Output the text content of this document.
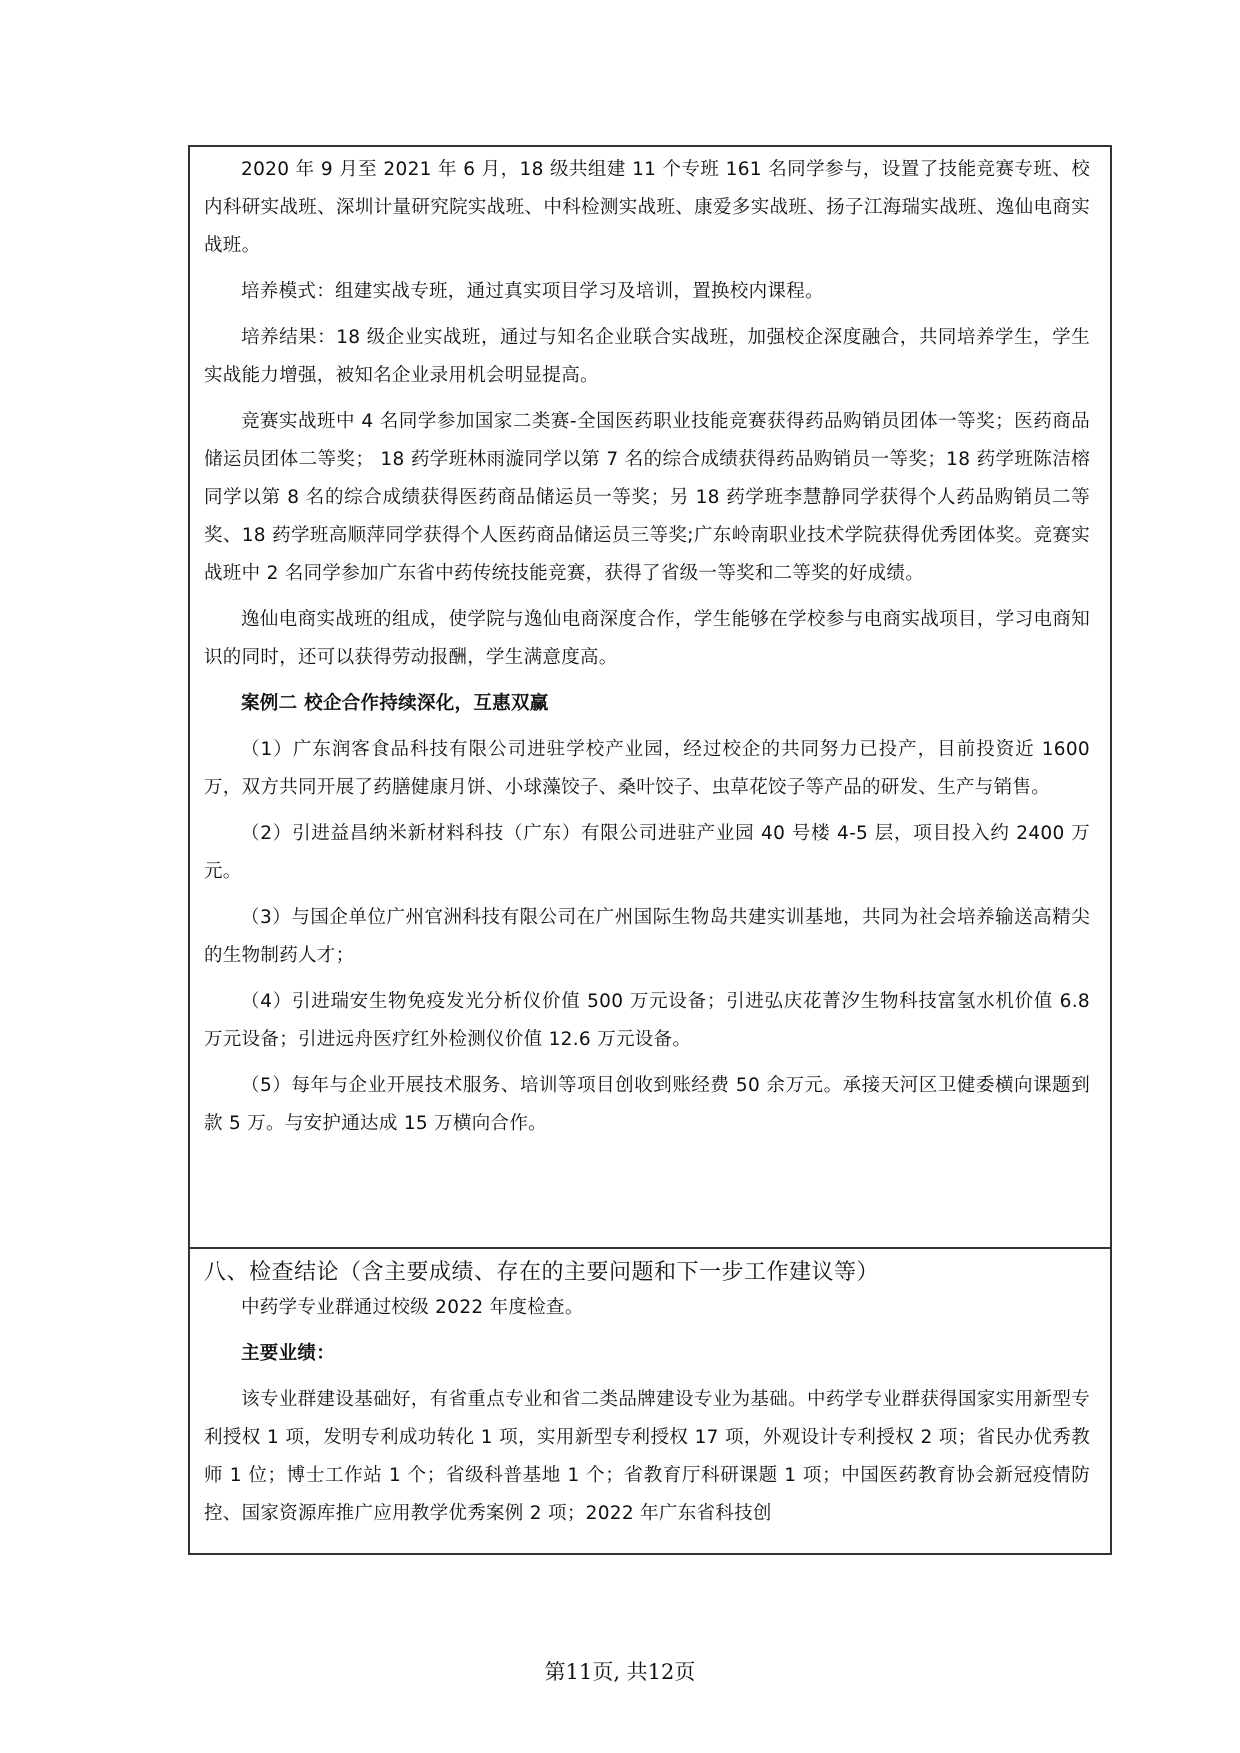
2020 年 9 月至 2021 年 6 月，18 级共组建 11 个专班 161 名同学参与，设置了技能竞赛专班、校内科研实战班、深圳计量研究院实战班、中科检测实战班、康爱多实战班、扬子江海瑞实战班、逸仙电商实战班。

培养模式：组建实战专班，通过真实项目学习及培训，置换校内课程。

培养结果：18 级企业实战班，通过与知名企业联合实战班，加强校企深度融合，共同培养学生，学生实战能力增强，被知名企业录用机会明显提高。

竞赛实战班中 4 名同学参加国家二类赛-全国医药职业技能竞赛获得药品购销员团体一等奖；医药商品储运员团体二等奖； 18 药学班林雨漩同学以第 7 名的综合成绩获得药品购销员一等奖；18 药学班陈洁榕同学以第 8 名的综合成绩获得医药商品储运员一等奖；另 18 药学班李慧静同学获得个人药品购销员二等奖、18 药学班高顺萍同学获得个人医药商品储运员三等奖;广东岭南职业技术学院获得优秀团体奖。竞赛实战班中 2 名同学参加广东省中药传统技能竞赛，获得了省级一等奖和二等奖的好成绩。

逸仙电商实战班的组成，使学院与逸仙电商深度合作，学生能够在学校参与电商实战项目，学习电商知识的同时，还可以获得劳动报酬，学生满意度高。

案例二 校企合作持续深化，互惠双赢

（1）广东润客食品科技有限公司进驻学校产业园，经过校企的共同努力已投产，目前投资近 1600 万，双方共同开展了药膳健康月饼、小球藻饺子、桑叶饺子、虫草花饺子等产品的研发、生产与销售。

（2）引进益昌纳米新材料科技（广东）有限公司进驻产业园 40 号楼 4-5 层，项目投入约 2400 万元。

（3）与国企单位广州官洲科技有限公司在广州国际生物岛共建实训基地，共同为社会培养输送高精尖的生物制药人才；

（4）引进瑞安生物免疫发光分析仪价值 500 万元设备；引进弘庆花菁汐生物科技富氢水机价值 6.8 万元设备；引进远舟医疗红外检测仪价值 12.6 万元设备。

（5）每年与企业开展技术服务、培训等项目创收到账经费 50 余万元。承接天河区卫健委横向课题到款 5 万。与安护通达成 15 万横向合作。

八、检查结论（含主要成绩、存在的主要问题和下一步工作建议等）

中药学专业群通过校级 2022 年度检查。

主要业绩：

该专业群建设基础好，有省重点专业和省二类品牌建设专业为基础。中药学专业群获得国家实用新型专利授权 1 项，发明专利成功转化 1 项，实用新型专利授权 17 项，外观设计专利授权 2 项；省民办优秀教师 1 位；博士工作站 1 个；省级科普基地 1 个；省教育厅科研课题 1 项；中国医药教育协会新冠疫情防控、国家资源库推广应用教学优秀案例 2 项；2022 年广东省科技创

第11页, 共12页
